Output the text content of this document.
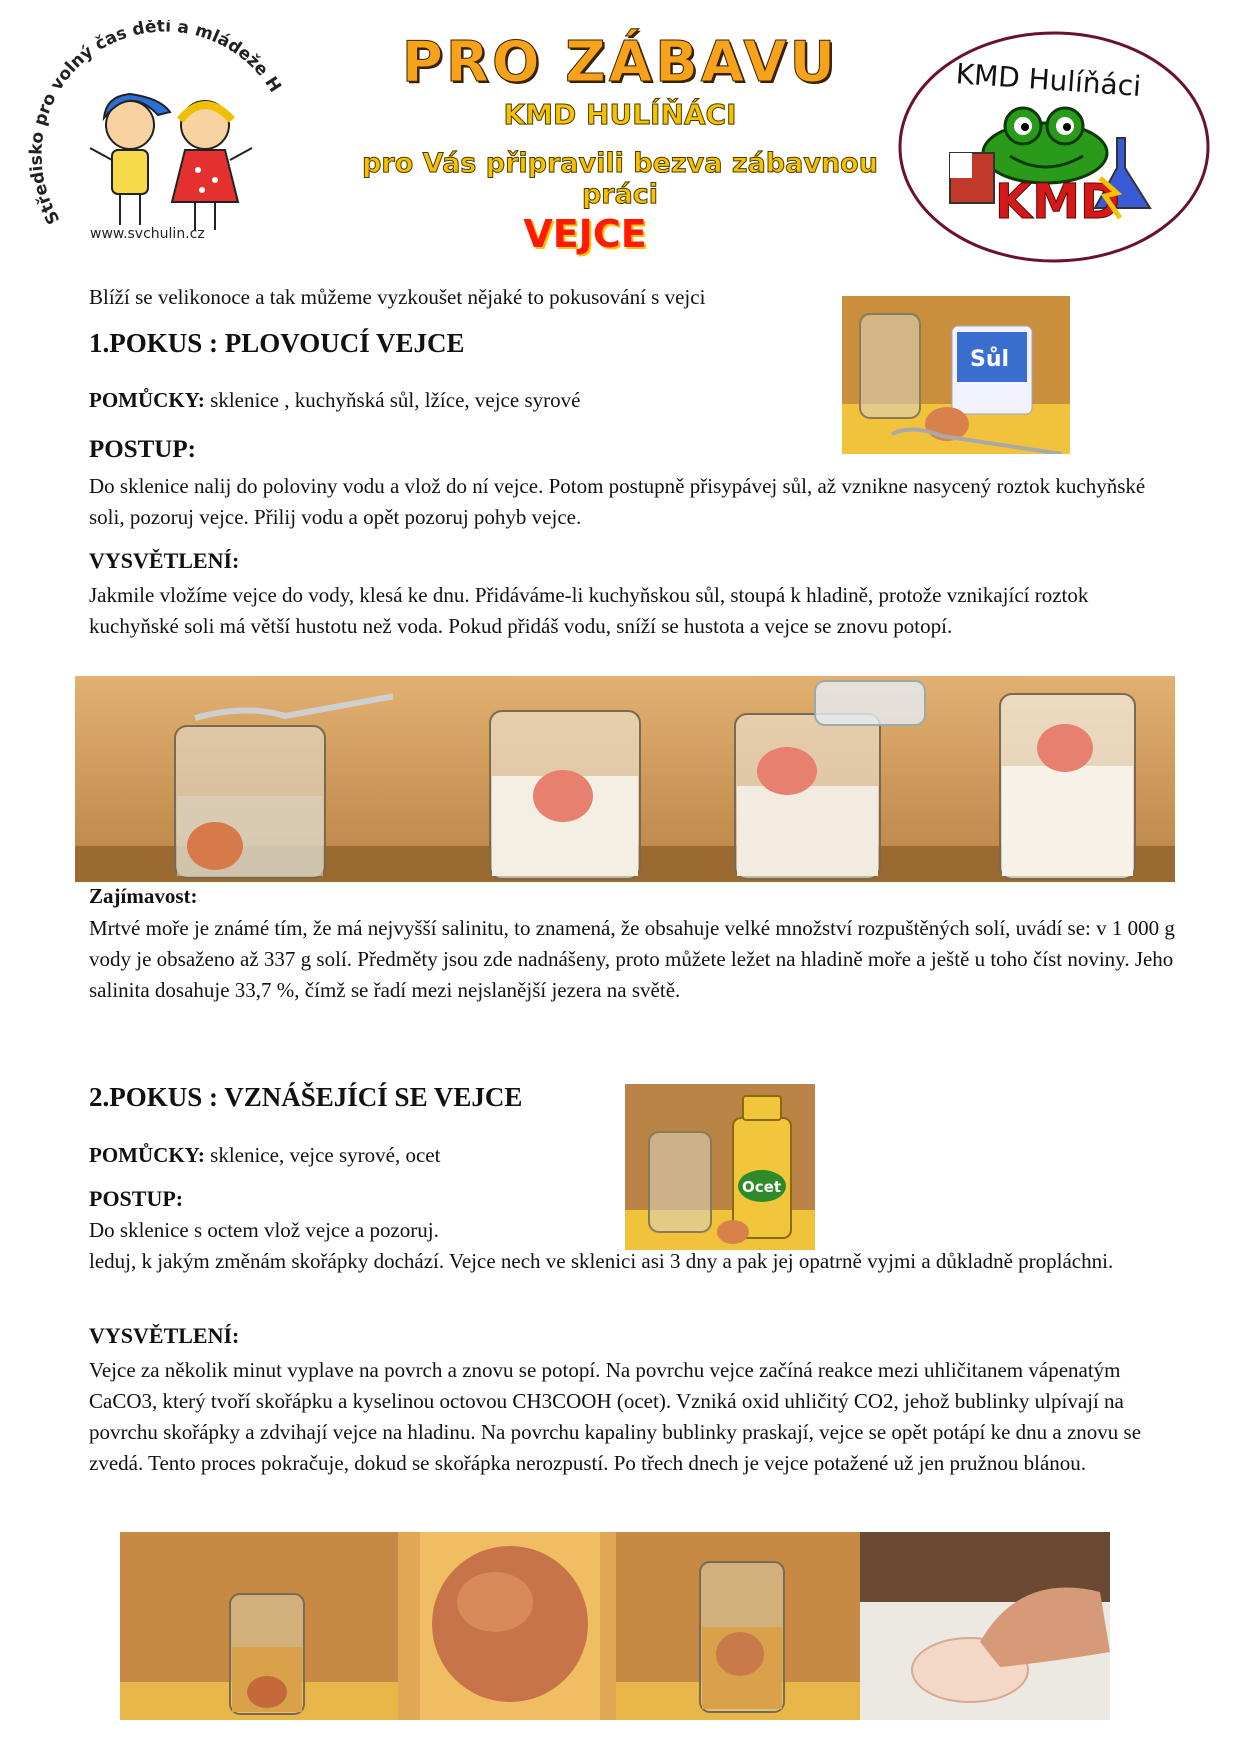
Středisko pro volný čas dětí a mládeže H
www.svchulin.cz
PRO ZÁBAVU
KMD HULÍŇÁCI
pro Vás připravili bezva zábavnou práci
VEJCE
KMD Hulíňáci
KMD
Blíží se velikonoce a tak můžeme vyzkoušet nějaké to pokusování s vejci
1.POKUS : PLOVOUCÍ VEJCE
POMŮCKY: sklenice , kuchyňská sůl, lžíce, vejce syrové
Sůl
POSTUP:
Do sklenice nalij do poloviny vodu a vlož do ní vejce. Potom postupně přisypávej sůl, až vznikne nasycený roztok kuchyňské soli, pozoruj vejce. Přilij vodu a opět pozoruj pohyb vejce.
VYSVĚTLENÍ:
Jakmile vložíme vejce do vody, klesá ke dnu. Přidáváme-li kuchyňskou sůl, stoupá k hladině, protože vznikající roztok kuchyňské soli má větší hustotu než voda. Pokud přidáš vodu, sníží se hustota a vejce se znovu potopí.
Zajímavost:
Mrtvé moře je známé tím, že má nejvyšší salinitu, to znamená, že obsahuje velké množství rozpuštěných solí, uvádí se: v 1 000 g vody je obsaženo až 337 g solí. Předměty jsou zde nadnášeny, proto můžete ležet na hladině moře a ještě u toho číst noviny. Jeho salinita dosahuje 33,7 %, čímž se řadí mezi nejslanější jezera na světě.
2.POKUS : VZNÁŠEJÍCÍ SE VEJCE
POMŮCKY: sklenice, vejce syrové, ocet
Ocet
POSTUP:
Do sklenice s octem vlož vejce a pozoruj.
leduj, k jakým změnám skořápky dochází. Vejce nech ve sklenici asi 3 dny a pak jej opatrně vyjmi a důkladně propláchni.
VYSVĚTLENÍ:
Vejce za několik minut vyplave na povrch a znovu se potopí. Na povrchu vejce začíná reakce mezi uhličitanem vápenatým CaCO3, který tvoří skořápku a kyselinou octovou CH3COOH (ocet). Vzniká oxid uhličitý CO2, jehož bublinky ulpívají na povrchu skořápky a zdvihají vejce na hladinu. Na povrchu kapaliny bublinky praskají, vejce se opět potápí ke dnu a znovu se zvedá. Tento proces pokračuje, dokud se skořápka nerozpustí. Po třech dnech je vejce potažené už jen pružnou blánou.
